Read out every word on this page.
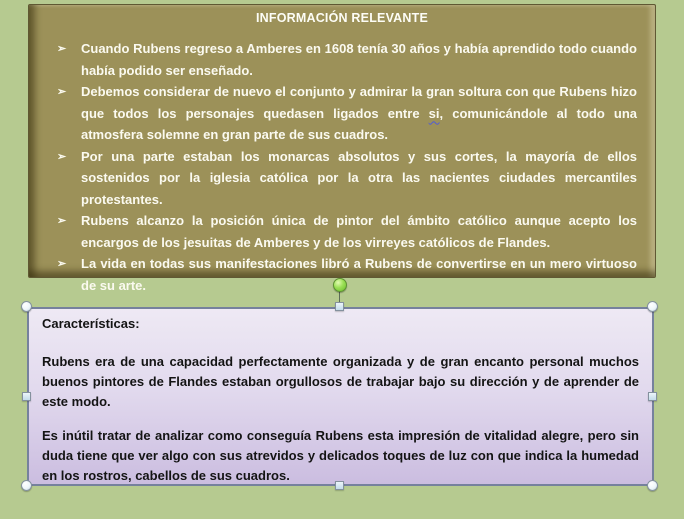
INFORMACIÓN RELEVANTE
➢ Cuando Rubens regreso a Amberes en 1608 tenía 30 años y había aprendido todo cuando había podido ser enseñado.
➢ Debemos considerar de nuevo el conjunto y admirar la gran soltura con que Rubens hizo que todos los personajes quedasen ligados entre si, comunicándole al todo una atmosfera solemne en gran parte de sus cuadros.
➢ Por una parte estaban los monarcas absolutos y sus cortes, la mayoría de ellos sostenidos por la iglesia católica por la otra las nacientes ciudades mercantiles protestantes.
➢ Rubens alcanzo la posición única de pintor del ámbito católico aunque acepto los encargos de los jesuitas de Amberes y de los virreyes católicos de Flandes.
➢ La vida en todas sus manifestaciones libró a Rubens de convertirse en un mero virtuoso de su arte.
Características:

Rubens era de una capacidad perfectamente organizada y de gran encanto personal muchos buenos pintores de Flandes estaban orgullosos de trabajar bajo su dirección y de aprender de este modo.

Es inútil tratar de analizar como conseguía Rubens esta impresión de vitalidad alegre, pero sin duda tiene que ver algo con sus atrevidos y delicados toques de luz con que indica la humedad en los rostros, cabellos de sus cuadros.
